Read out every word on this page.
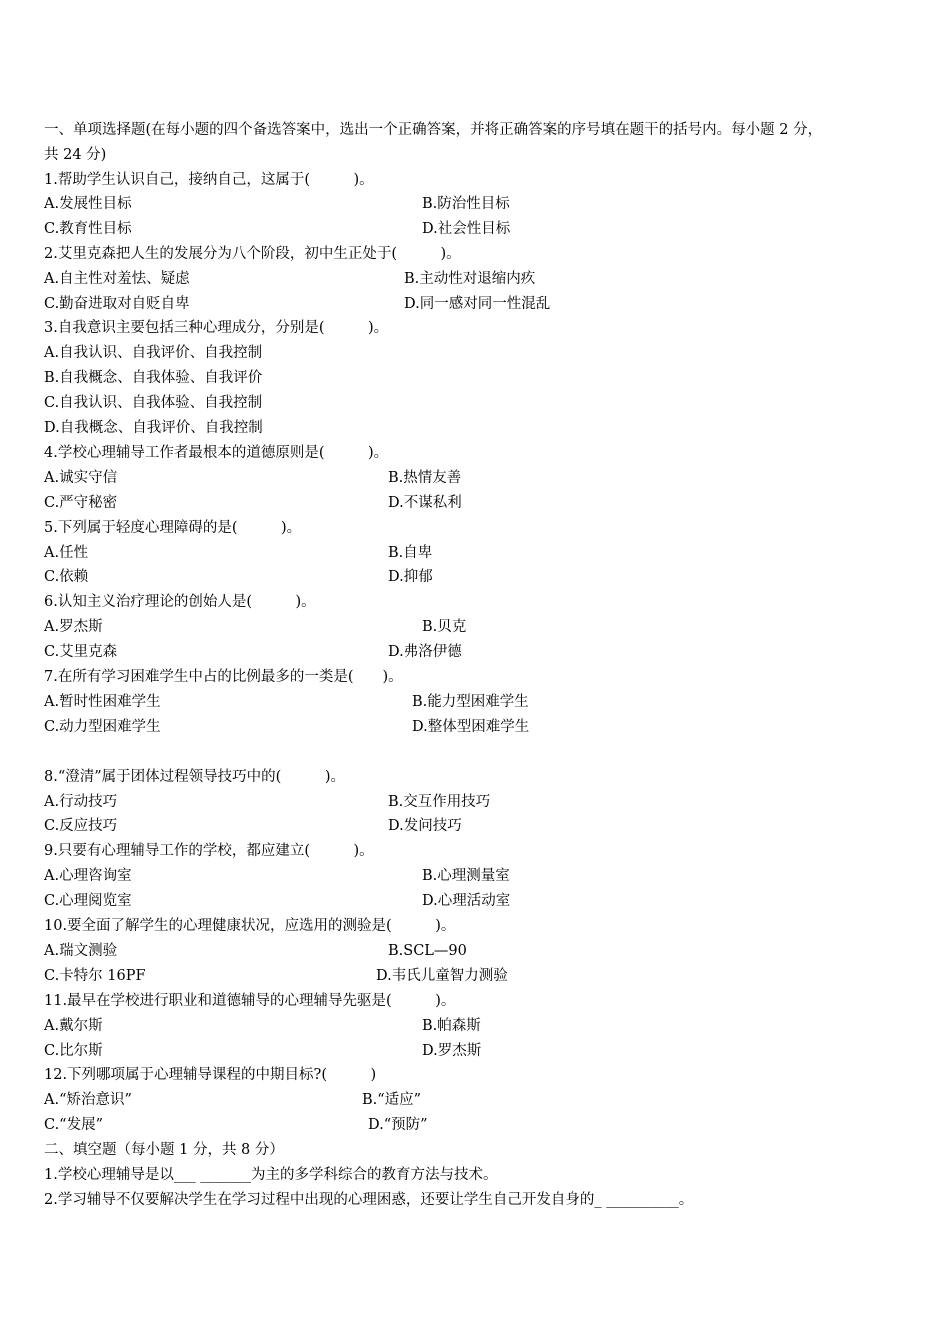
一、单项选择题(在每小题的四个备选答案中，选出一个正确答案，并将正确答案的序号填在题干的括号内。每小题 2 分，
共 24 分)
1.帮助学生认识自己，接纳自己，这属于(　　　)。
A.发展性目标	B.防治性目标
C.教育性目标	D.社会性目标
2.艾里克森把人生的发展分为八个阶段，初中生正处于(　　　)。
A.自主性对羞怯、疑虑	B.主动性对退缩内疚
C.勤奋进取对自贬自卑	D.同一感对同一性混乱
3.自我意识主要包括三种心理成分，分别是(　　　)。
A.自我认识、自我评价、自我控制
B.自我概念、自我体验、自我评价
C.自我认识、自我体验、自我控制
D.自我概念、自我评价、自我控制
4.学校心理辅导工作者最根本的道德原则是(　　　)。
A.诚实守信	B.热情友善
C.严守秘密	D.不谋私利
5.下列属于轻度心理障碍的是(　　　)。
A.任性	B.自卑
C.依赖	D.抑郁
6.认知主义治疗理论的创始人是(　　　)。
A.罗杰斯	B.贝克
C.艾里克森	D.弗洛伊德
7.在所有学习困难学生中占的比例最多的一类是(　　)。
A.暂时性困难学生	B.能力型困难学生
C.动力型困难学生	D.整体型困难学生
8.“澄清”属于团体过程领导技巧中的(　　　)。
A.行动技巧	B.交互作用技巧
C.反应技巧	D.发问技巧
9.只要有心理辅导工作的学校，都应建立(　　　)。
A.心理咨询室	B.心理测量室
C.心理阅览室	D.心理活动室
10.要全面了解学生的心理健康状况，应选用的测验是(　　　)。
A.瑞文测验	B.SCL—90
C.卡特尔 16PF	D.韦氏儿童智力测验
11.最早在学校进行职业和道德辅导的心理辅导先驱是(　　　)。
A.戴尔斯	B.帕森斯
C.比尔斯	D.罗杰斯
12.下列哪项属于心理辅导课程的中期目标?(　　　)
A.“矫治意识”	B.“适应”
C.“发展”	D.“预防”
二、填空题（每小题 1 分，共 8 分）
1.学校心理辅导是以___ _______为主的多学科综合的教育方法与技术。
2.学习辅导不仅要解决学生在学习过程中出现的心理困惑，还要让学生自己开发自身的_ __________。
